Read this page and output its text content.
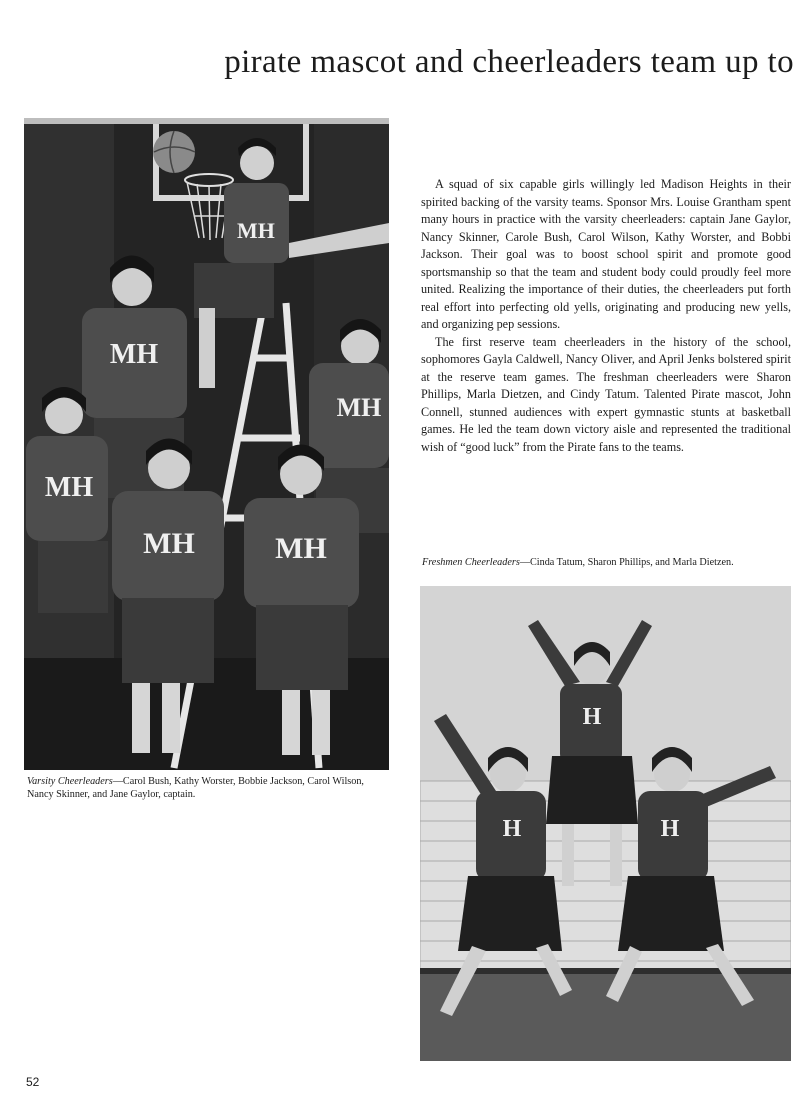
pirate mascot and cheerleaders team up to
MH
MH
MH
MH
MH	MH

Varsity Cheerleaders—Carol Bush, Kathy Worster, Bobbie Jackson, Carol Wilson, Nancy Skinner, and Jane Gaylor, captain.

A squad of six capable girls willingly led Madison Heights in their spirited backing of the varsity teams. Sponsor Mrs. Louise Grantham spent many hours in practice with the varsity cheerleaders: captain Jane Gaylor, Nancy Skinner, Carole Bush, Carol Wilson, Kathy Worster, and Bobbi Jackson. Their goal was to boost school spirit and promote good sportsmanship so that the team and student body could proudly feel more united. Realizing the importance of their duties, the cheerleaders put forth real effort into perfecting old yells, originating and producing new yells, and organizing pep sessions.

The first reserve team cheerleaders in the history of the school, sophomores Gayla Caldwell, Nancy Oliver, and April Jenks bolstered spirit at the reserve team games. The freshman cheerleaders were Sharon Phillips, Marla Dietzen, and Cindy Tatum. Talented Pirate mascot, John Connell, stunned audiences with expert gymnastic stunts at basketball games. He led the team down victory aisle and represented the traditional wish of “good luck” from the Pirate fans to the teams.

Freshmen Cheerleaders—Cinda Tatum, Sharon Phillips, and Marla Dietzen.

H
H	H
52
